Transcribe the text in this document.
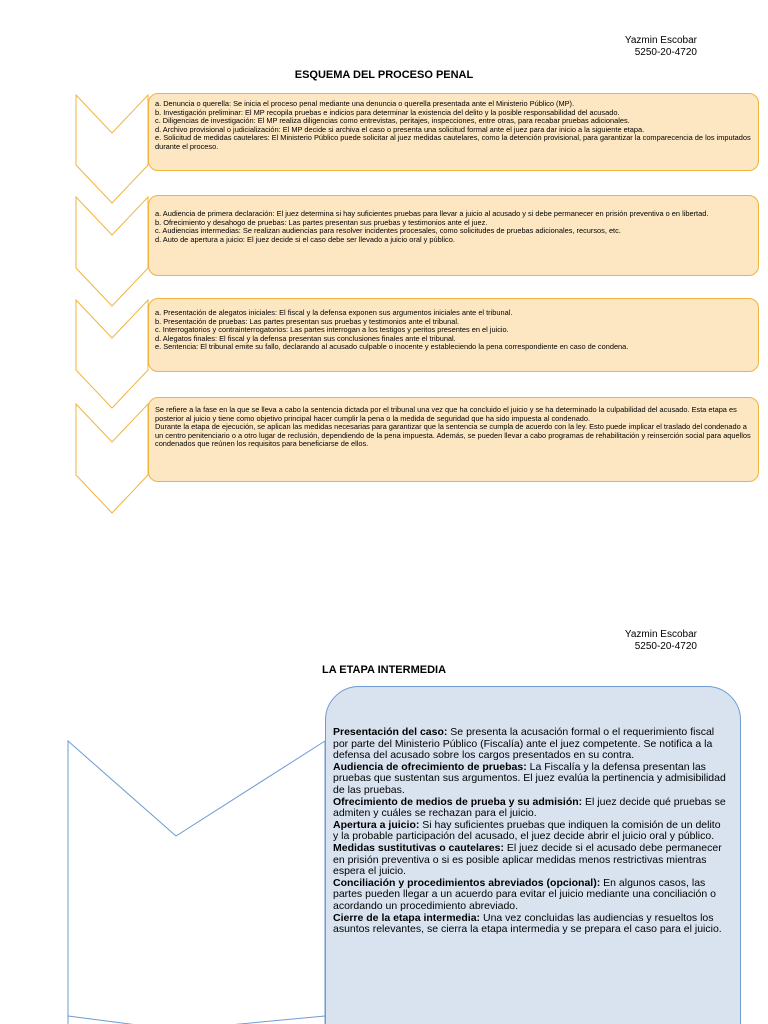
Yazmin Escobar
5250-20-4720
ESQUEMA DEL PROCESO PENAL

a. Denuncia o querella: Se inicia el proceso penal mediante una denuncia o querella presentada ante el Ministerio Público (MP).

b. Investigación preliminar: El MP recopila pruebas e indicios para determinar la existencia del delito y la posible responsabilidad del acusado.

c. Diligencias de investigación: El MP realiza diligencias como entrevistas, peritajes, inspecciones, entre otras, para recabar pruebas adicionales.

d. Archivo provisional o judicialización: El MP decide si archiva el caso o presenta una solicitud formal ante el juez para dar inicio a la siguiente etapa.

e. Solicitud de medidas cautelares: El Ministerio Público puede solicitar al juez medidas cautelares, como la detención provisional, para garantizar la comparecencia de los imputados durante el proceso.

a. Audiencia de primera declaración: El juez determina si hay suficientes pruebas para llevar a juicio al acusado y si debe permanecer en prisión preventiva o en libertad.

b. Ofrecimiento y desahogo de pruebas: Las partes presentan sus pruebas y testimonios ante el juez.

c. Audiencias intermedias: Se realizan audiencias para resolver incidentes procesales, como solicitudes de pruebas adicionales, recursos, etc.

d. Auto de apertura a juicio: El juez decide si el caso debe ser llevado a juicio oral y público.

a. Presentación de alegatos iniciales: El fiscal y la defensa exponen sus argumentos iniciales ante el tribunal.

b. Presentación de pruebas: Las partes presentan sus pruebas y testimonios ante el tribunal.

c. Interrogatorios y contrainterrogatorios: Las partes interrogan a los testigos y peritos presentes en el juicio.

d. Alegatos finales: El fiscal y la defensa presentan sus conclusiones finales ante el tribunal.

e. Sentencia: El tribunal emite su fallo, declarando al acusado culpable o inocente y estableciendo la pena correspondiente en caso de condena.

Se refiere a la fase en la que se lleva a cabo la sentencia dictada por el tribunal una vez que ha concluido el juicio y se ha determinado la culpabilidad del acusado. Esta etapa es posterior al juicio y tiene como objetivo principal hacer cumplir la pena o la medida de seguridad que ha sido impuesta al condenado.

Durante la etapa de ejecución, se aplican las medidas necesarias para garantizar que la sentencia se cumpla de acuerdo con la ley. Esto puede implicar el traslado del condenado a un centro penitenciario o a otro lugar de reclusión, dependiendo de la pena impuesta. Además, se pueden llevar a cabo programas de rehabilitación y reinserción social para aquellos condenados que reúnen los requisitos para beneficiarse de ellos.

Yazmin Escobar
5250-20-4720
LA ETAPA INTERMEDIA

Presentación del caso: Se presenta la acusación formal o el requerimiento fiscal por parte del Ministerio Público (Fiscalía) ante el juez competente. Se notifica a la defensa del acusado sobre los cargos presentados en su contra.

Audiencia de ofrecimiento de pruebas: La Fiscalía y la defensa presentan las pruebas que sustentan sus argumentos. El juez evalúa la pertinencia y admisibilidad de las pruebas.

Ofrecimiento de medios de prueba y su admisión: El juez decide qué pruebas se admiten y cuáles se rechazan para el juicio.

Apertura a juicio: Si hay suficientes pruebas que indiquen la comisión de un delito y la probable participación del acusado, el juez decide abrir el juicio oral y público.

Medidas sustitutivas o cautelares: El juez decide si el acusado debe permanecer en prisión preventiva o si es posible aplicar medidas menos restrictivas mientras espera el juicio.

Conciliación y procedimientos abreviados (opcional): En algunos casos, las partes pueden llegar a un acuerdo para evitar el juicio mediante una conciliación o acordando un procedimiento abreviado.

Cierre de la etapa intermedia: Una vez concluidas las audiencias y resueltos los asuntos relevantes, se cierra la etapa intermedia y se prepara el caso para el juicio.
